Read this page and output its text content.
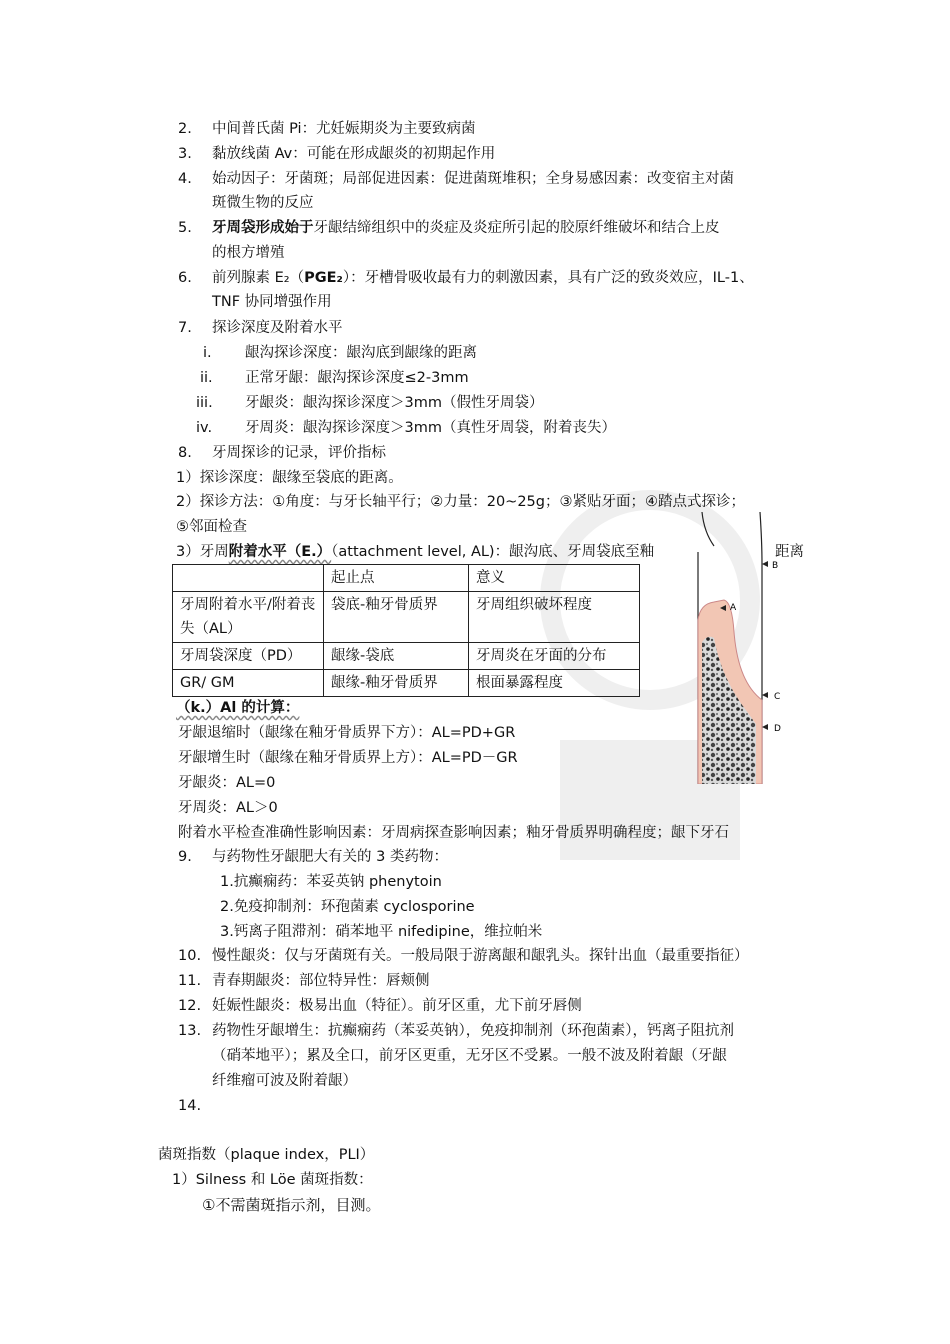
2. 中间普氏菌 Pi：尤妊娠期炎为主要致病菌
3. 黏放线菌 Av：可能在形成龈炎的初期起作用
4. 始动因子：牙菌斑；局部促进因素：促进菌斑堆积；全身易感因素：改变宿主对菌
斑微生物的反应
5. 牙周袋形成始于牙龈结缔组织中的炎症及炎症所引起的胶原纤维破坏和结合上皮
的根方增殖
6. 前列腺素 E₂（PGE₂）：牙槽骨吸收最有力的刺激因素，具有广泛的致炎效应，IL-1、
TNF 协同增强作用
7. 探诊深度及附着水平
i. 龈沟探诊深度：龈沟底到龈缘的距离
ii. 正常牙龈：龈沟探诊深度≤2-3mm
iii. 牙龈炎：龈沟探诊深度＞3mm（假性牙周袋）
iv. 牙周炎：龈沟探诊深度＞3mm（真性牙周袋，附着丧失）
8. 牙周探诊的记录，评价指标
1）探诊深度：龈缘至袋底的距离。
2）探诊方法：①角度：与牙长轴平行；②力量：20~25g；③紧贴牙面；④踏点式探诊；
⑤邻面检查
3）牙周附着水平（E.）（attachment level, AL)：龈沟底、牙周袋底至釉	距离
	起止点	意义
牙周附着水平/附着丧失（AL）	袋底-釉牙骨质界	牙周组织破坏程度
牙周袋深度（PD）	龈缘-袋底	牙周炎在牙面的分布
GR/ GM	龈缘-釉牙骨质界	根面暴露程度
A
B
C
D
（k.）Al 的计算：
牙龈退缩时（龈缘在釉牙骨质界下方）：AL=PD+GR
牙龈增生时（龈缘在釉牙骨质界上方）：AL=PD－GR
牙龈炎：AL=0
牙周炎：AL＞0
附着水平检查准确性影响因素：牙周病探查影响因素；釉牙骨质界明确程度；龈下牙石
9. 与药物性牙龈肥大有关的 3 类药物：
1.抗癫痫药：苯妥英钠 phenytoin
2.免疫抑制剂：环孢菌素 cyclosporine
3.钙离子阻滞剂：硝苯地平 nifedipine，维拉帕米
10. 慢性龈炎：仅与牙菌斑有关。一般局限于游离龈和龈乳头。探针出血（最重要指征）
11. 青春期龈炎：部位特异性：唇颊侧
12. 妊娠性龈炎：极易出血（特征）。前牙区重，尤下前牙唇侧
13. 药物性牙龈增生：抗癫痫药（苯妥英钠），免疫抑制剂（环孢菌素），钙离子阻抗剂
（硝苯地平）；累及全口，前牙区更重，无牙区不受累。一般不波及附着龈（牙龈
纤维瘤可波及附着龈）
14.
菌斑指数（plaque index，PLI）
1）Silness 和 Löe 菌斑指数：
①不需菌斑指示剂，目测。
